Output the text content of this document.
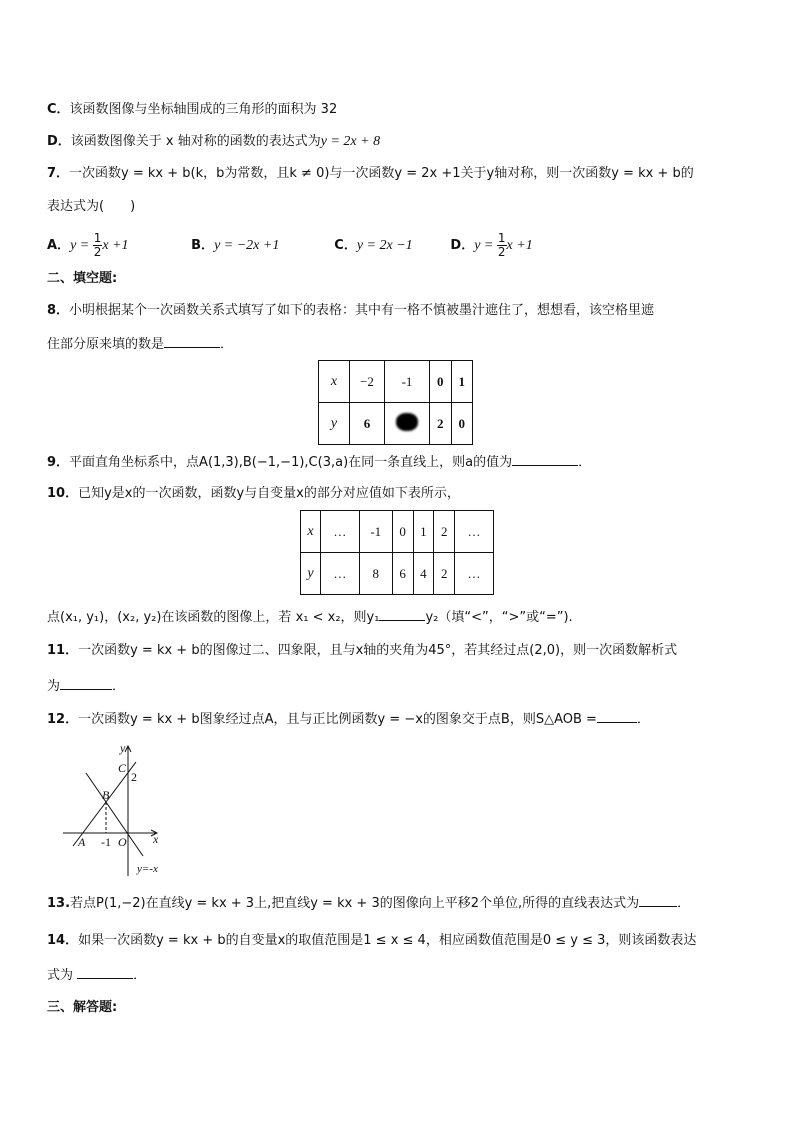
C．该函数图像与坐标轴围成的三角形的面积为 32
D．该函数图像关于 x 轴对称的函数的表达式为y = 2x + 8
7．一次函数y = kx + b(k，b为常数，且k ≠ 0)与一次函数y = 2x +1关于y轴对称，则一次函数y = kx + b的
表达式为(　　)
A．$y = \frac{1}{2}$ x +1	B．y = −2x +1	C．y = 2x −1	D．$y = \frac{1}{2}$ x +1
二、填空题:
8．小明根据某个一次函数关系式填写了如下的表格：其中有一格不慎被墨汁遮住了，想想看，该空格里遮
住部分原来填的数是	．
x	−2	-1	0	1
y	6		2	0
9．平面直角坐标系中，点A(1,3),B(−1,−1),C(3,a)在同一条直线上，则a的值为	．
10．已知y是x的一次函数，函数y与自变量x的部分对应值如下表所示，
x	…	-1	0	1	2	…
y	…	8	6	4	2	…
点(x₁, y₁)，(x₂, y₂)在该函数的图像上，若 x₁ < x₂，则y₁	y₂（填“<”，“>”或“=”).
11．一次函数y = kx + b的图像过二、四象限，且与x轴的夹角为45°，若其经过点(2,0)，则一次函数解析式
为	．
12．一次函数y = kx + b图象经过点A，且与正比例函数y = −x的图象交于点B，则S△AOB =	．
y
x
C
2
B
A -1 O
y=-x
13.若点P(1,−2)在直线y = kx + 3上,把直线y = kx + 3的图像向上平移2个单位,所得的直线表达式为	．
14．如果一次函数y = kx + b的自变量x的取值范围是1 ≤ x ≤ 4，相应函数值范围是0 ≤ y ≤ 3，则该函数表达
式为	．
三、解答题:
